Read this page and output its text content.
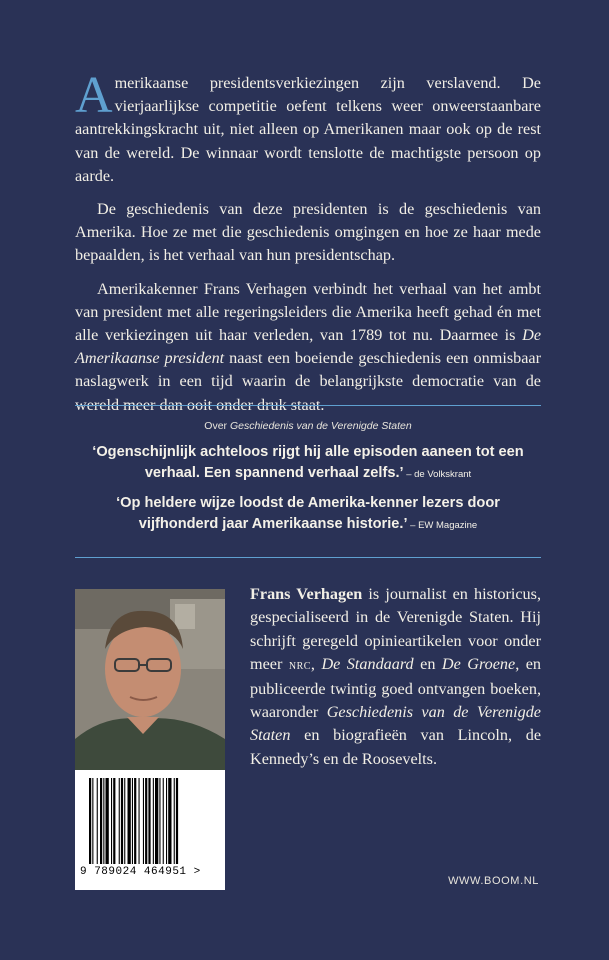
Amerikaanse presidentsverkiezingen zijn verslavend. De vierjaarlijkse competitie oefent telkens weer onweerstaanbare aantrekkingskracht uit, niet alleen op Amerikanen maar ook op de rest van de wereld. De winnaar wordt tenslotte de machtigste persoon op aarde.

De geschiedenis van deze presidenten is de geschiedenis van Amerika. Hoe ze met die geschiedenis omgingen en hoe ze haar mede bepaalden, is het verhaal van hun presidentschap.

Amerikakenner Frans Verhagen verbindt het verhaal van het ambt van president met alle regeringsleiders die Amerika heeft gehad én met alle verkiezingen uit haar verleden, van 1789 tot nu. Daarmee is De Amerikaanse president naast een boeiende geschiedenis een onmisbaar naslagwerk in een tijd waarin de belangrijkste democratie van de wereld meer dan ooit onder druk staat.

Over Geschiedenis van de Verenigde Staten

‘Ogenschijnlijk achteloos rijgt hij alle episoden aaneen tot een verhaal. Een spannend verhaal zelfs.’ – de Volkskrant

‘Op heldere wijze loodst de Amerika-kenner lezers door vijfhonderd jaar Amerikaanse historie.’ – EW Magazine

9 789024 464951 >

Frans Verhagen is journalist en historicus, gespecialiseerd in de Verenigde Staten. Hij schrijft geregeld opinieartikelen voor onder meer nrc, De Standaard en De Groene, en publiceerde twintig goed ontvangen boeken, waaronder Geschiedenis van de Verenigde Staten en biografieën van Lincoln, de Kennedy’s en de Roosevelts.

WWW.BOOM.NL
